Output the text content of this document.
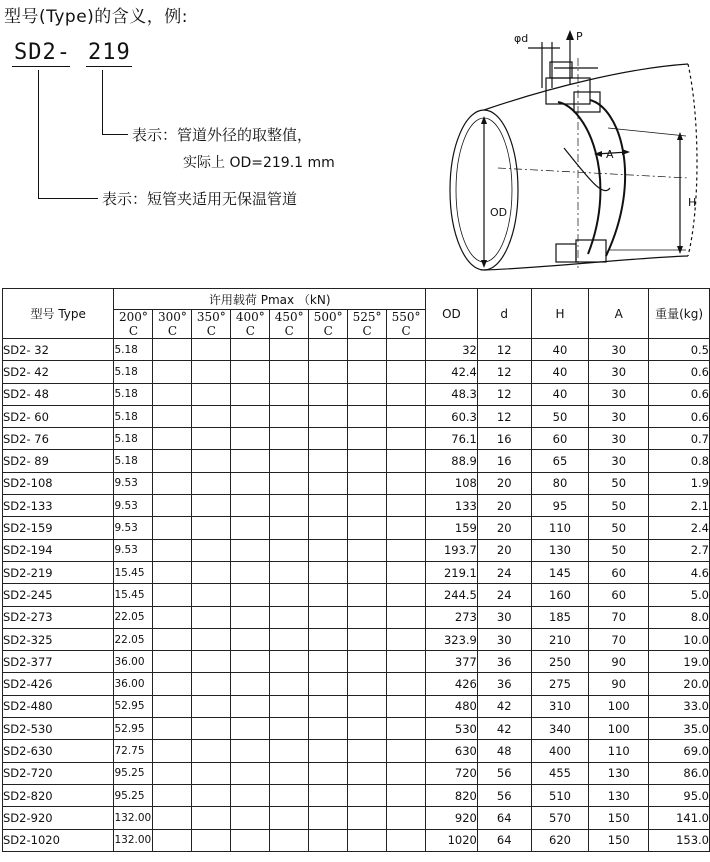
型号(Type)的含义，例:
SD2- 219
表示：管道外径的取整值，
实际上 OD=219.1 mm
表示：短管夹适用无保温管道
φd	P
A
OD
H
型号 Type	许用载荷 Pmax （kN)								OD	d	H	A	重量(kg)
	200° C	300° C	350° C	400° C	450° C	500° C	525° C	550° C					
SD2- 32	5.18								32	12	40	30	0.5
SD2- 42	5.18								42.4	12	40	30	0.6
SD2- 48	5.18								48.3	12	40	30	0.6
SD2- 60	5.18								60.3	12	50	30	0.6
SD2- 76	5.18								76.1	16	60	30	0.7
SD2- 89	5.18								88.9	16	65	30	0.8
SD2-108	9.53								108	20	80	50	1.9
SD2-133	9.53								133	20	95	50	2.1
SD2-159	9.53								159	20	110	50	2.4
SD2-194	9.53								193.7	20	130	50	2.7
SD2-219	15.45								219.1	24	145	60	4.6
SD2-245	15.45								244.5	24	160	60	5.0
SD2-273	22.05								273	30	185	70	8.0
SD2-325	22.05								323.9	30	210	70	10.0
SD2-377	36.00								377	36	250	90	19.0
SD2-426	36.00								426	36	275	90	20.0
SD2-480	52.95								480	42	310	100	33.0
SD2-530	52.95								530	42	340	100	35.0
SD2-630	72.75								630	48	400	110	69.0
SD2-720	95.25								720	56	455	130	86.0
SD2-820	95.25								820	56	510	130	95.0
SD2-920	132.00								920	64	570	150	141.0
SD2-1020	132.00								1020	64	620	150	153.0
